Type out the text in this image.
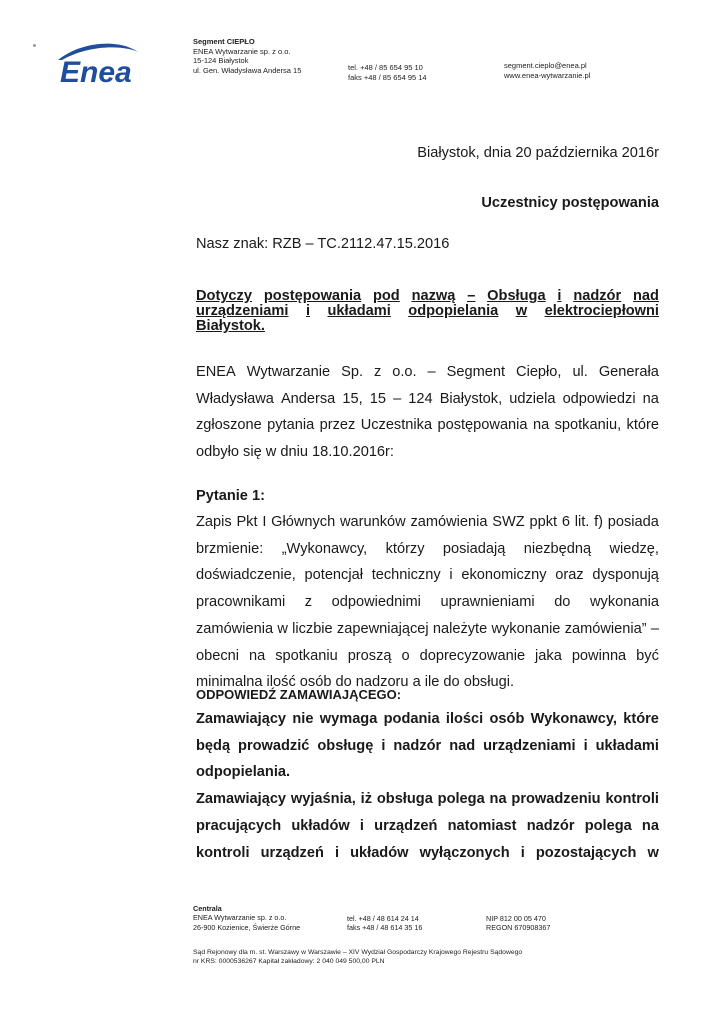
Enea
Segment CIEPŁO
ENEA Wytwarzanie sp. z o.o.
15-124 Białystok
ul. Gen. Władysława Andersa 15	tel. +48 / 85 654 95 10
faks +48 / 85 654 95 14
segment.cieplo@enea.pl
www.enea-wytwarzanie.pl
Białystok, dnia 20 października 2016r
Uczestnicy postępowania
Nasz znak: RZB – TC.2112.47.15.2016
Dotyczy postępowania pod nazwą – Obsługa i nadzór nad
urządzeniami i układami odpopielania w elektrociepłowni
Białystok.
ENEA Wytwarzanie Sp. z o.o. – Segment Ciepło, ul. Generała
Władysława Andersa 15, 15 – 124 Białystok, udziela odpowiedzi na
zgłoszone pytania przez Uczestnika postępowania na spotkaniu, które
odbyło się w dniu 18.10.2016r:
Pytanie 1:
Zapis Pkt I Głównych warunków zamówienia SWZ ppkt 6 lit. f) posiada
brzmienie: „Wykonawcy, którzy posiadają niezbędną wiedzę,
doświadczenie, potencjał techniczny i ekonomiczny oraz dysponują
pracownikami z odpowiednimi uprawnieniami do wykonania
zamówienia w liczbie zapewniającej należyte wykonanie zamówienia” –
obecni na spotkaniu proszą o doprecyzowanie jaka powinna być
minimalna ilość osób do nadzoru a ile do obsługi.
ODPOWIEDŹ ZAMAWIAJĄCEGO:
Zamawiający nie wymaga podania ilości osób Wykonawcy, które
będą prowadzić obsługę i nadzór nad urządzeniami i układami
odpopielania.
Zamawiający wyjaśnia, iż obsługa polega na prowadzeniu kontroli
pracujących układów i urządzeń natomiast nadzór polega na
kontroli urządzeń i układów wyłączonych i pozostających w
Centrala
ENEA Wytwarzanie sp. z o.o.
26-900 Kozienice, Świerże Górne
tel. +48 / 48 614 24 14
faks +48 / 48 614 35 16
NIP 812 00 05 470
REGON 670908367
Sąd Rejonowy dla m. st. Warszawy w Warszawie – XIV Wydział Gospodarczy Krajowego Rejestru Sądowego
nr KRS: 0000536267 Kapitał zakładowy: 2 040 049 500,00 PLN
